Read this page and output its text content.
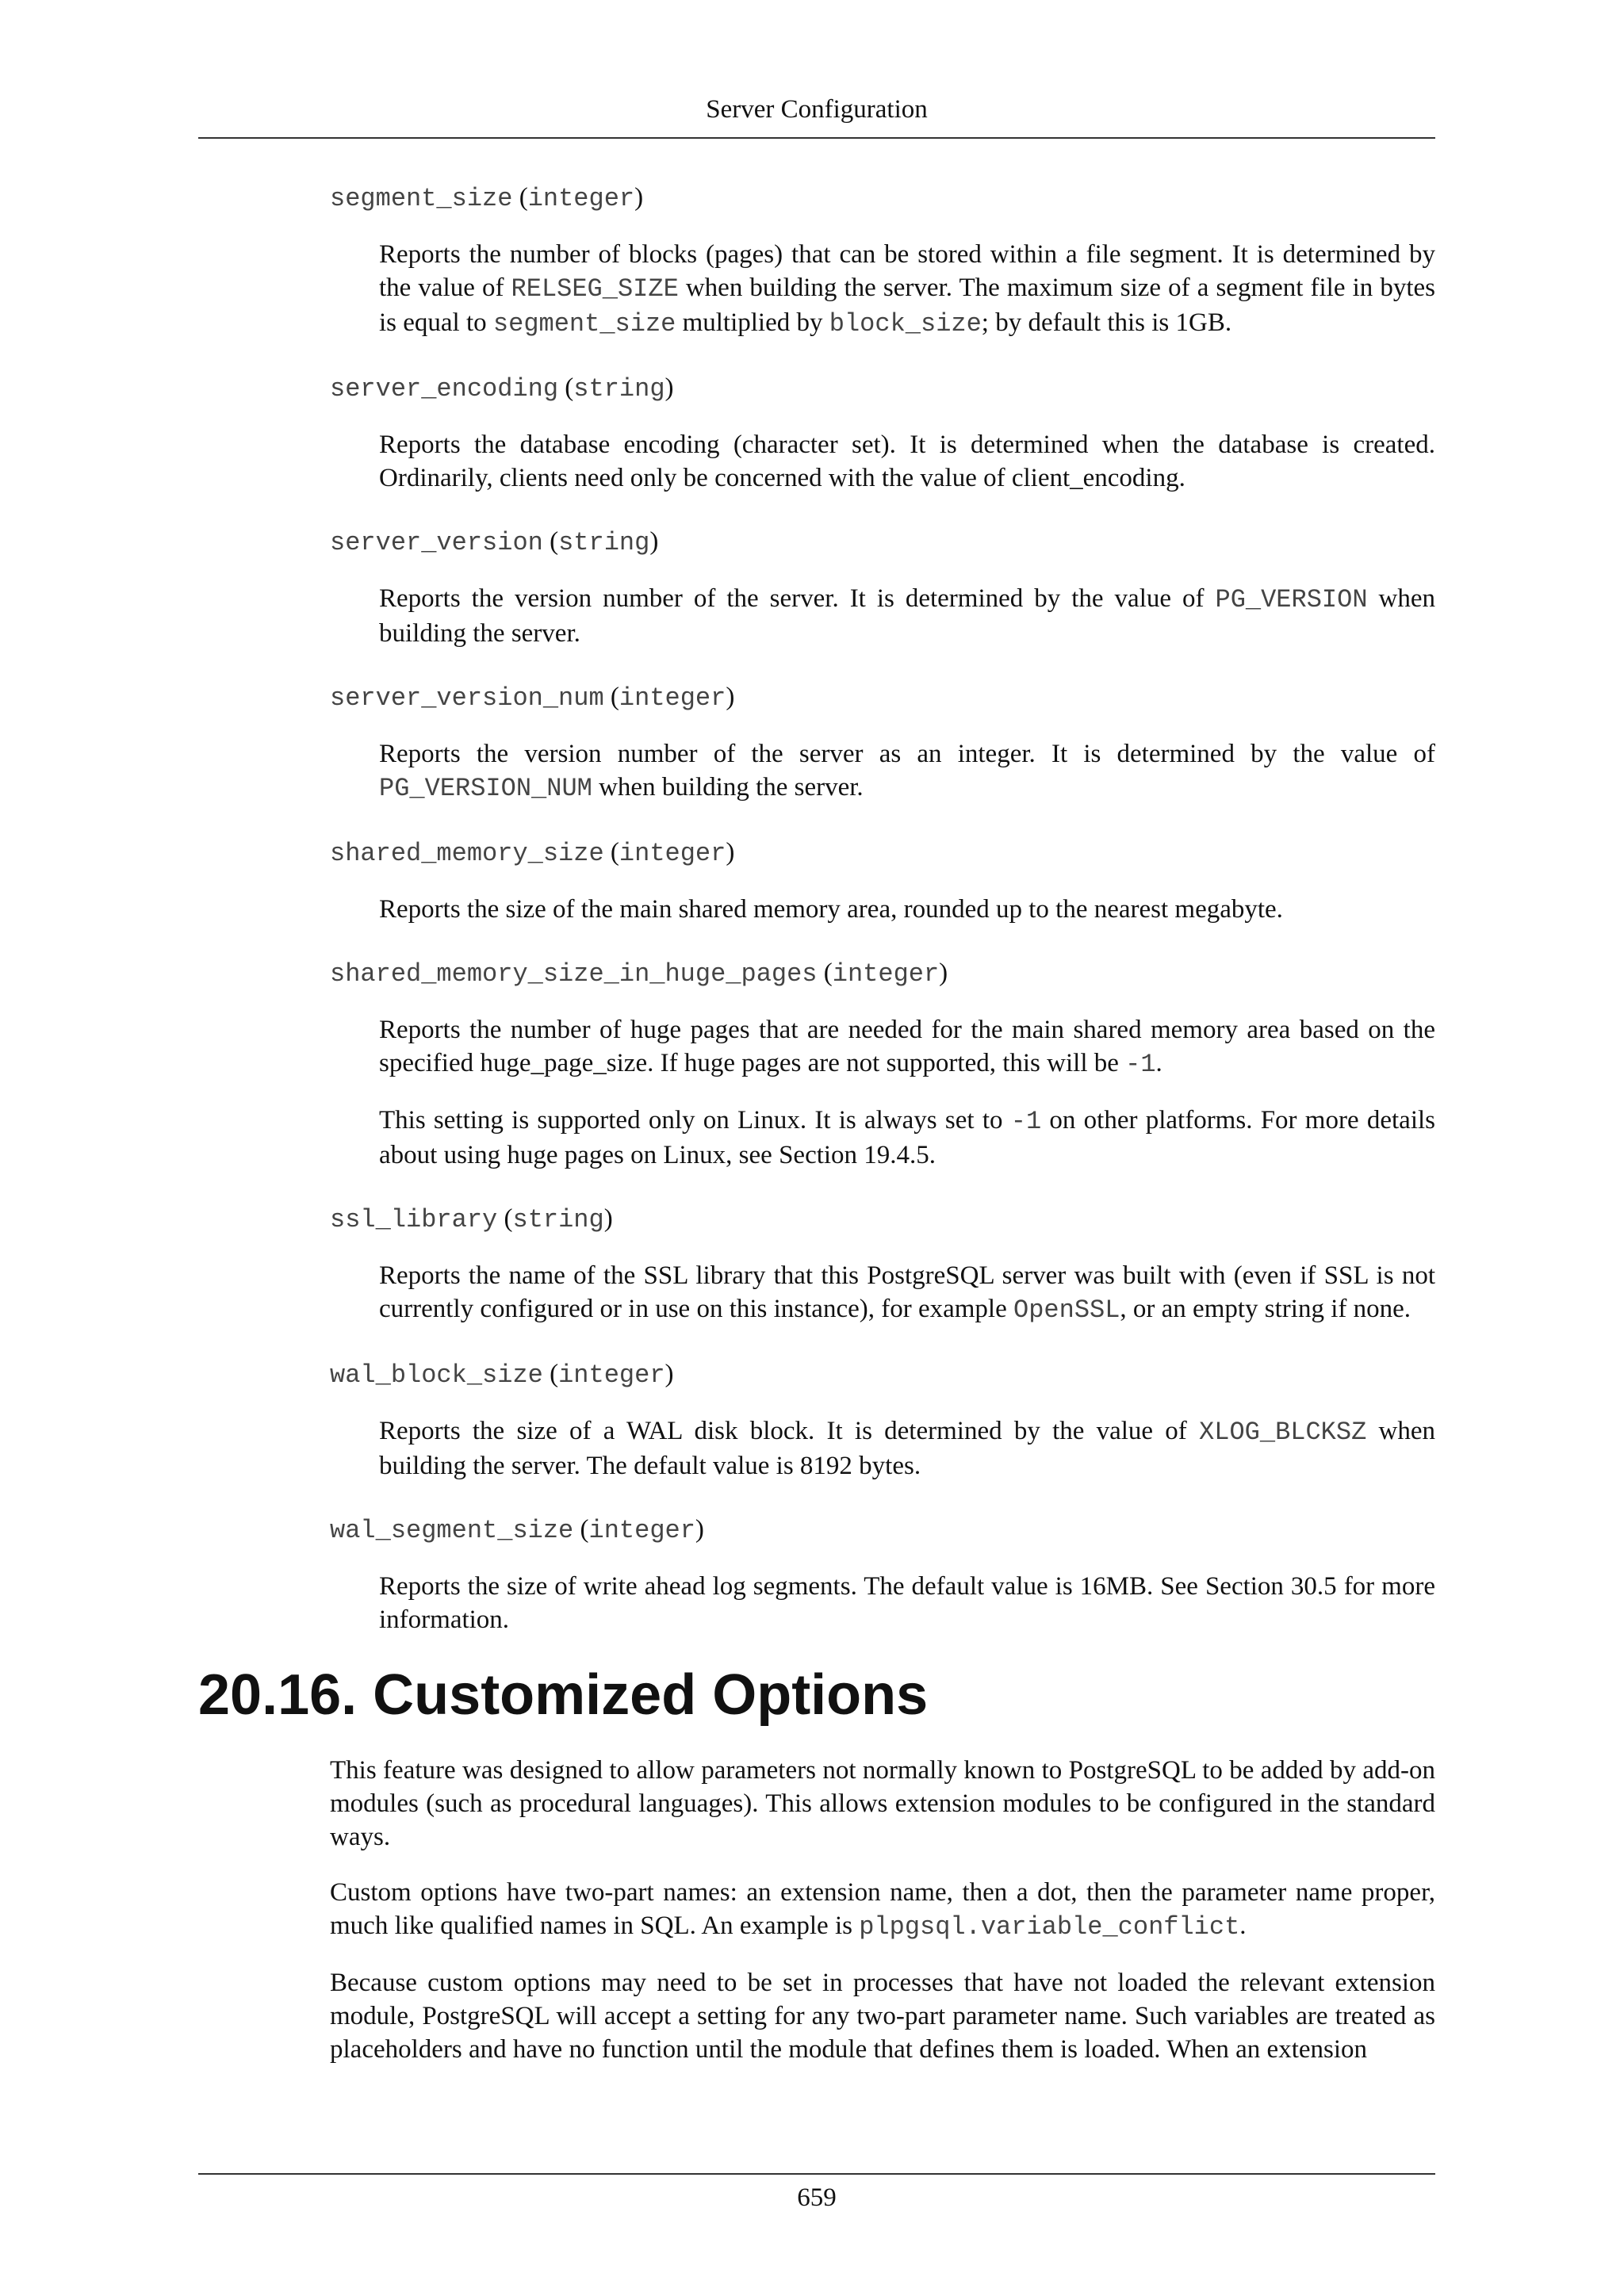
Server Configuration
segment_size (integer)

Reports the number of blocks (pages) that can be stored within a file segment. It is determined by the value of RELSEG_SIZE when building the server. The maximum size of a segment file in bytes is equal to segment_size multiplied by block_size; by default this is 1GB.

server_encoding (string)

Reports the database encoding (character set). It is determined when the database is created. Ordinarily, clients need only be concerned with the value of client_encoding.

server_version (string)

Reports the version number of the server. It is determined by the value of PG_VERSION when building the server.

server_version_num (integer)

Reports the version number of the server as an integer. It is determined by the value of PG_VERSION_NUM when building the server.

shared_memory_size (integer)

Reports the size of the main shared memory area, rounded up to the nearest megabyte.

shared_memory_size_in_huge_pages (integer)

Reports the number of huge pages that are needed for the main shared memory area based on the specified huge_page_size. If huge pages are not supported, this will be -1.

This setting is supported only on Linux. It is always set to -1 on other platforms. For more details about using huge pages on Linux, see Section 19.4.5.

ssl_library (string)

Reports the name of the SSL library that this PostgreSQL server was built with (even if SSL is not currently configured or in use on this instance), for example OpenSSL, or an empty string if none.

wal_block_size (integer)

Reports the size of a WAL disk block. It is determined by the value of XLOG_BLCKSZ when building the server. The default value is 8192 bytes.

wal_segment_size (integer)

Reports the size of write ahead log segments. The default value is 16MB. See Section 30.5 for more information.

20.16. Customized Options

This feature was designed to allow parameters not normally known to PostgreSQL to be added by add-on modules (such as procedural languages). This allows extension modules to be configured in the standard ways.

Custom options have two-part names: an extension name, then a dot, then the parameter name proper, much like qualified names in SQL. An example is plpgsql.variable_conflict.

Because custom options may need to be set in processes that have not loaded the relevant extension module, PostgreSQL will accept a setting for any two-part parameter name. Such variables are treated as placeholders and have no function until the module that defines them is loaded. When an extension

659
